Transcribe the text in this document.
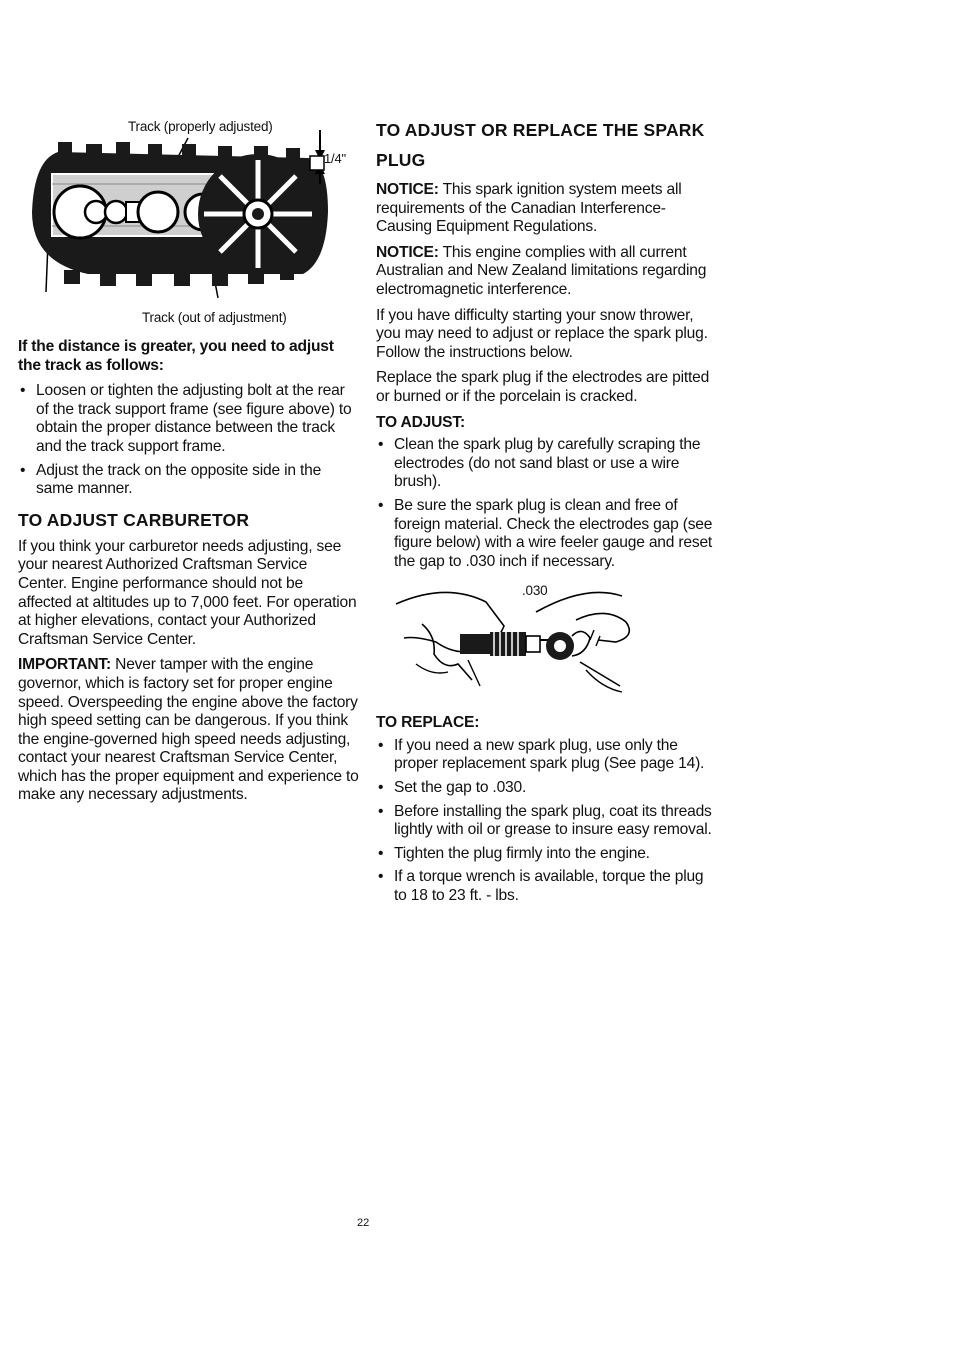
Track (properly adjusted)
1/4"
Track (out of adjustment)

If the distance is greater, you need to adjust the track as follows:

• Loosen or tighten the adjusting bolt at the rear of the track support frame (see figure above) to obtain the proper distance between the track and the track support frame.
• Adjust the track on the opposite side in the same manner.
TO ADJUST CARBURETOR

If you think your carburetor needs adjusting, see your nearest Authorized Craftsman Service Center. Engine performance should not be affected at altitudes up to 7,000 feet. For operation at higher elevations, contact your Authorized Craftsman Service Center.

IMPORTANT: Never tamper with the engine governor, which is factory set for proper engine speed. Overspeeding the engine above the factory high speed setting can be dangerous. If you think the engine-governed high speed needs adjusting, contact your nearest Craftsman Service Center, which has the proper equipment and experience to make any necessary adjustments.

TO ADJUST OR REPLACE THE SPARK PLUG

NOTICE: This spark ignition system meets all requirements of the Canadian Interference-Causing Equipment Regulations.

NOTICE: This engine complies with all current Australian and New Zealand limitations regarding electromagnetic interference.

If you have difficulty starting your snow thrower, you may need to adjust or replace the spark plug. Follow the instructions below.

Replace the spark plug if the electrodes are pitted or burned or if the porcelain is cracked.

TO ADJUST:
• Clean the spark plug by carefully scraping the electrodes (do not sand blast or use a wire brush).
• Be sure the spark plug is clean and free of foreign material. Check the electrodes gap (see figure below) with a wire feeler gauge and reset the gap to .030 inch if necessary.
.030
TO REPLACE:
• If you need a new spark plug, use only the proper replacement spark plug (See page 14).
• Set the gap to .030.
• Before installing the spark plug, coat its threads lightly with oil or grease to insure easy removal.
• Tighten the plug firmly into the engine.
• If a torque wrench is available, torque the plug to 18 to 23 ft. - lbs.
22
